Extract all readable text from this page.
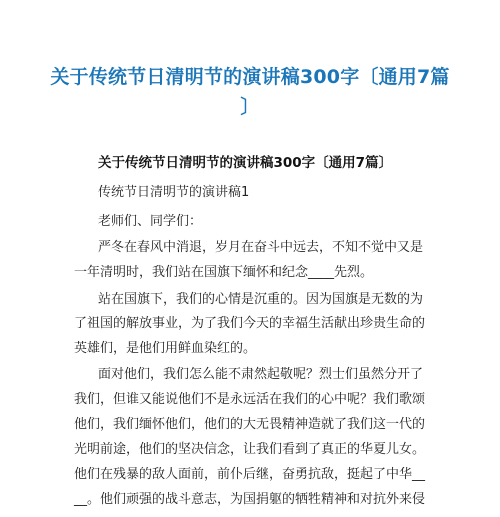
关于传统节日清明节的演讲稿300字〔通用7篇
〕
关于传统节日清明节的演讲稿300字〔通用7篇〕
传统节日清明节的演讲稿1
老师们、同学们：
严冬在春风中消退，岁月在奋斗中远去，不知不觉中又是
一年清明时，我们站在国旗下缅怀和纪念____先烈。
站在国旗下，我们的心情是沉重的。因为国旗是无数的为
了祖国的解放事业，为了我们今天的幸福生活献出珍贵生命的
英雄们，是他们用鲜血染红的。
面对他们，我们怎么能不肃然起敬呢？烈士们虽然分开了
我们，但谁又能说他们不是永远活在我们的心中呢？我们歌颂
他们，我们缅怀他们，他们的大无畏精神造就了我们这一代的
光明前途，他们的坚决信念，让我们看到了真正的华夏儿女。
他们在残暴的敌人面前，前仆后继，奋勇抗敌，挺起了中华__
__。他们顽强的战斗意志，为国捐躯的牺牲精神和对抗外来侵
